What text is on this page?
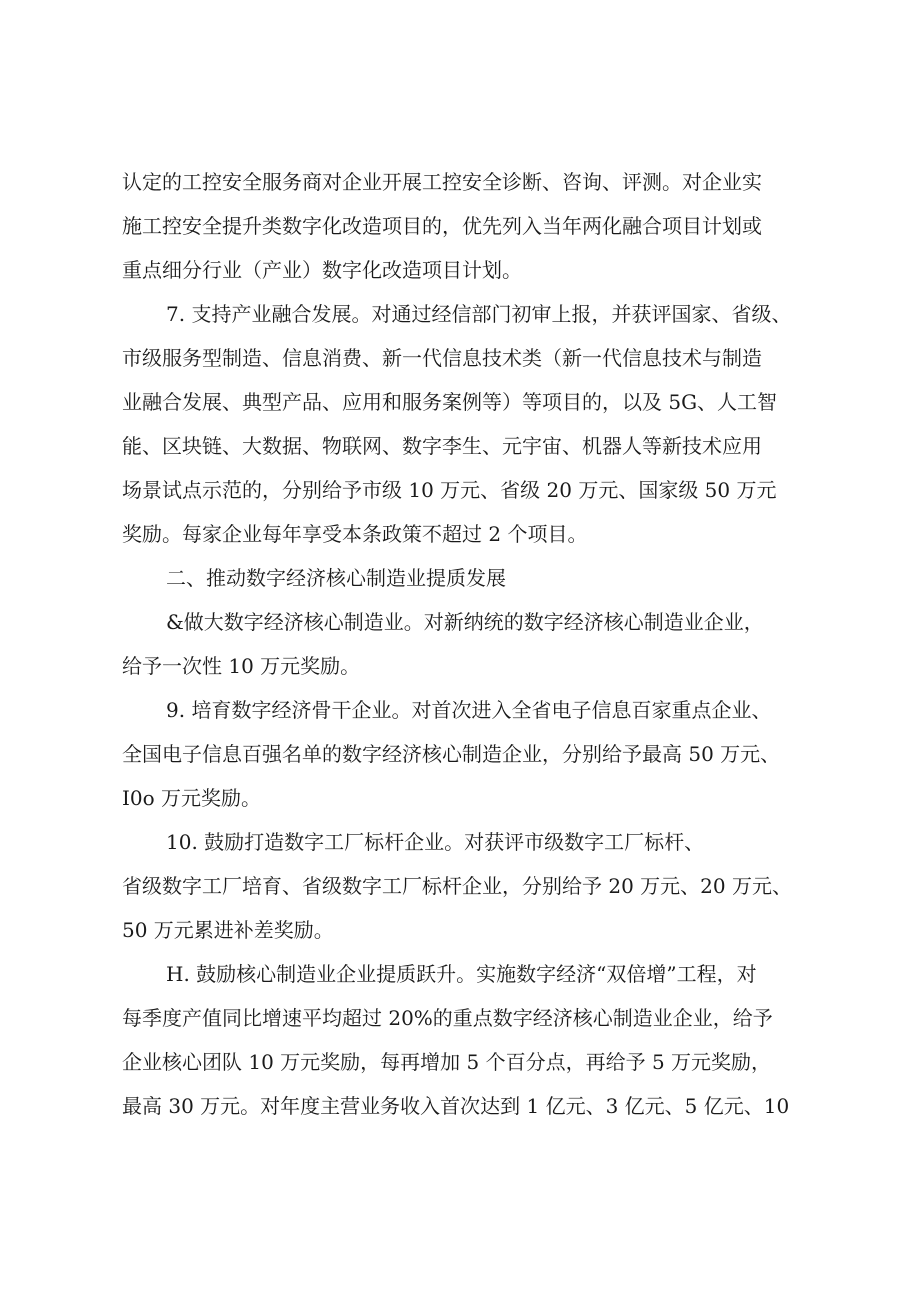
认定的工控安全服务商对企业开展工控安全诊断、咨询、评测。对企业实
施工控安全提升类数字化改造项目的，优先列入当年两化融合项目计划或
重点细分行业（产业）数字化改造项目计划。
7. 支持产业融合发展。对通过经信部门初审上报，并获评国家、省级、
市级服务型制造、信息消费、新一代信息技术类（新一代信息技术与制造
业融合发展、典型产品、应用和服务案例等）等项目的，以及 5G、人工智
能、区块链、大数据、物联网、数字李生、元宇宙、机器人等新技术应用
场景试点示范的，分别给予市级 10 万元、省级 20 万元、国家级 50 万元
奖励。每家企业每年享受本条政策不超过 2 个项目。
二、推动数字经济核心制造业提质发展
&做大数字经济核心制造业。对新纳统的数字经济核心制造业企业，
给予一次性 10 万元奖励。
9. 培育数字经济骨干企业。对首次进入全省电子信息百家重点企业、
全国电子信息百强名单的数字经济核心制造企业，分别给予最高 50 万元、
I0o 万元奖励。
10. 鼓励打造数字工厂标杆企业。对获评市级数字工厂标杆、
省级数字工厂培育、省级数字工厂标杆企业，分别给予 20 万元、20 万元、
50 万元累进补差奖励。
H. 鼓励核心制造业企业提质跃升。实施数字经济“双倍增”工程，对
每季度产值同比增速平均超过 20%的重点数字经济核心制造业企业，给予
企业核心团队 10 万元奖励，每再增加 5 个百分点，再给予 5 万元奖励，
最高 30 万元。对年度主营业务收入首次达到 1 亿元、3 亿元、5 亿元、10
